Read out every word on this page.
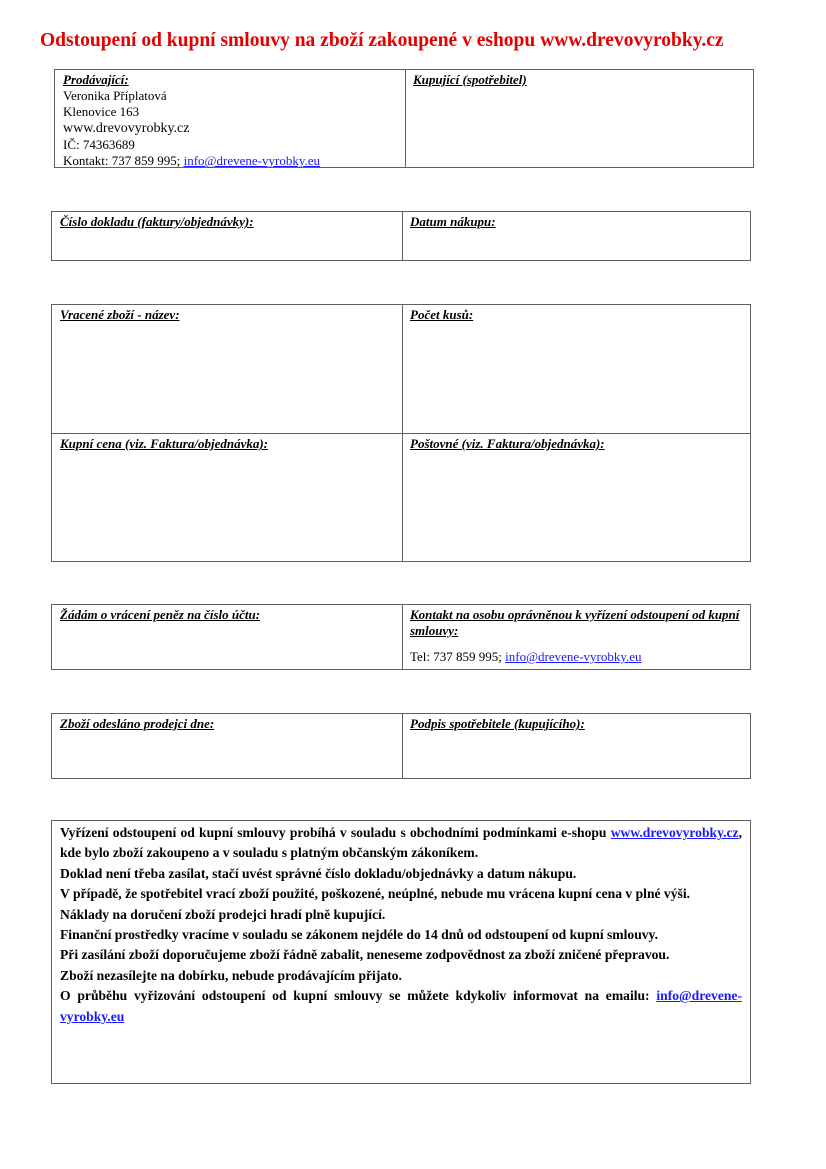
Odstoupení od kupní smlouvy na zboží zakoupené v eshopu www.drevovyrobky.cz
Prodávající:
Veronika Příplatová
Klenovice 163
www.drevovyrobky.cz
IČ: 74363689
Kontakt: 737 859 995; info@drevene-vyrobky.eu
Kupující (spotřebitel)
Číslo dokladu (faktury/objednávky):	Datum nákupu:
Vracené zboží - název:	Počet kusů:
Kupní cena (viz. Faktura/objednávka):	Poštovné (viz. Faktura/objednávka):
Žádám o vrácení peněz na číslo účtu:	Kontakt na osobu oprávněnou k vyřízení odstoupení od kupní smlouvy:
Tel: 737 859 995; info@drevene-vyrobky.eu
Zboží odesláno prodejci dne:	Podpis spotřebitele (kupujícího):

Vyřízení odstoupení od kupní smlouvy probíhá v souladu s obchodními podmínkami e-shopu www.drevovyrobky.cz, kde bylo zboží zakoupeno a v souladu s platným občanským zákoníkem.

Doklad není třeba zasílat, stačí uvést správné číslo dokladu/objednávky a datum nákupu.

V případě, že spotřebitel vrací zboží použité, poškozené, neúplné, nebude mu vrácena kupní cena v plné výši.

Náklady na doručení zboží prodejci hradí plně kupující.

Finanční prostředky vracíme v souladu se zákonem nejdéle do 14 dnů od odstoupení od kupní smlouvy.

Při zasílání zboží doporučujeme zboží řádně zabalit, neneseme zodpovědnost za zboží zničené přepravou.

Zboží nezasílejte na dobírku, nebude prodávajícím přijato.

O průběhu vyřizování odstoupení od kupní smlouvy se můžete kdykoliv informovat na emailu: info@drevene-vyrobky.eu
